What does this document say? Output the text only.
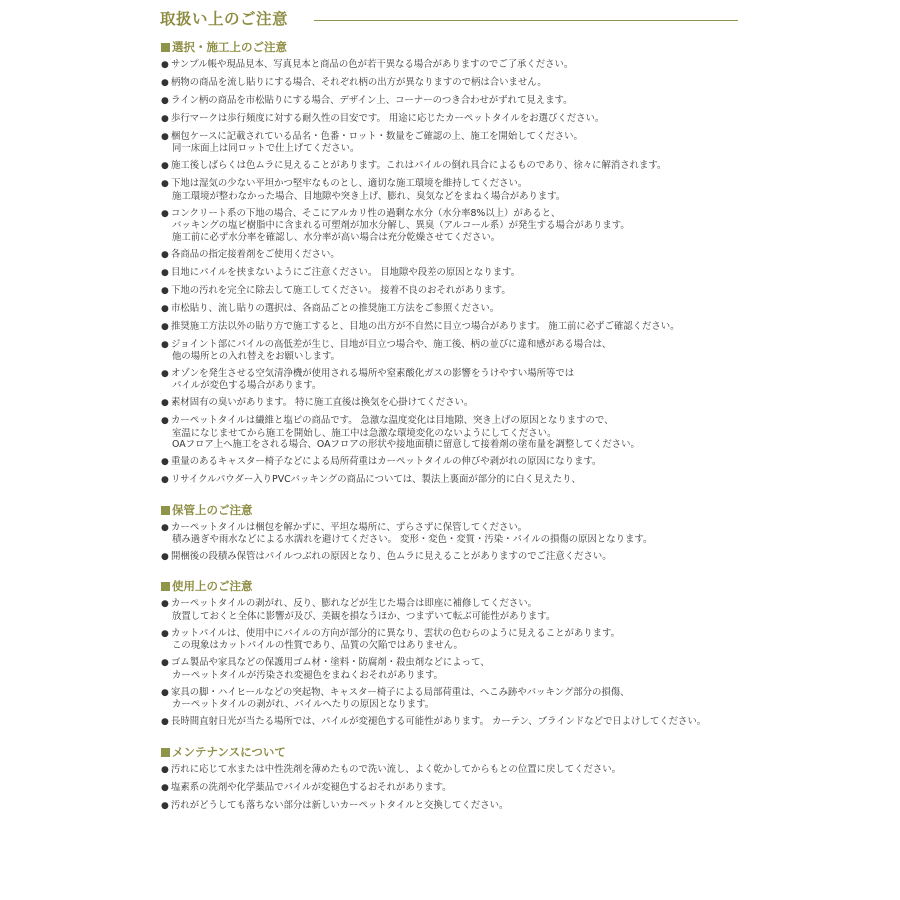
取扱い上のご注意
選択・施工上のご注意
● サンプル帳や現品見本、写真見本と商品の色が若干異なる場合がありますのでご了承ください。
● 柄物の商品を流し貼りにする場合、それぞれ柄の出方が異なりますので柄は合いません。
● ライン柄の商品を市松貼りにする場合、デザイン上、コーナーのつき合わせがずれて見えます。
● 歩行マークは歩行頻度に対する耐久性の目安です。 用途に応じたカーペットタイルをお選びください。
● 梱包ケースに記載されている品名・色番・ロット・数量をご確認の上、施工を開始してください。
同一床面上は同ロットで仕上げてください。
● 施工後しばらくは色ムラに見えることがあります。これはパイルの倒れ具合によるものであり、徐々に解消されます。
● 下地は湿気の少ない平坦かつ堅牢なものとし、適切な施工環境を維持してください。
施工環境が整わなかった場合、目地隙や突き上げ、膨れ、臭気などをまねく場合があります。
● コンクリート系の下地の場合、そこにアルカリ性の過剰な水分（水分率8%以上）があると、
バッキングの塩ビ樹脂中に含まれる可塑剤が加水分解し、異臭（アルコール系）が発生する場合があります。
施工前に必ず水分率を確認し、水分率が高い場合は充分乾燥させてください。
● 各商品の指定接着剤をご使用ください。
● 目地にパイルを挟まないようにご注意ください。 目地隙や段差の原因となります。
● 下地の汚れを完全に除去して施工してください。 接着不良のおそれがあります。
● 市松貼り、流し貼りの選択は、各商品ごとの推奨施工方法をご参照ください。
● 推奨施工方法以外の貼り方で施工すると、目地の出方が不自然に目立つ場合があります。 施工前に必ずご確認ください。
● ジョイント部にパイルの高低差が生じ、目地が目立つ場合や、施工後、柄の並びに違和感がある場合は、
他の場所との入れ替えをお願いします。
● オゾンを発生させる空気清浄機が使用される場所や窒素酸化ガスの影響をうけやすい場所等では
パイルが変色する場合があります。
● 素材固有の臭いがあります。 特に施工直後は換気を心掛けてください。
● カーペットタイルは繊維と塩ビの商品です。 急激な温度変化は目地隙、突き上げの原因となりますので、
室温になじませてから施工を開始し、施工中は急激な環境変化のないようにしてください。
OAフロア上へ施工をされる場合、OAフロアの形状や接地面積に留意して接着剤の塗布量を調整してください。
● 重量のあるキャスター椅子などによる局所荷重はカーペットタイルの伸びや剥がれの原因になります。
● リサイクルパウダー入りPVCバッキングの商品については、製法上裏面が部分的に白く見えたり、
保管上のご注意
● カーペットタイルは梱包を解かずに、平坦な場所に、ずらさずに保管してください。
積み過ぎや雨水などによる水濡れを避けてください。 変形・変色・変質・汚染・パイルの損傷の原因となります。
● 開梱後の段積み保管はパイルつぶれの原因となり、色ムラに見えることがありますのでご注意ください。
使用上のご注意
● カーペットタイルの剥がれ、反り、膨れなどが生じた場合は即座に補修してください。
放置しておくと全体に影響が及び、美観を損なうほか、つまずいて転ぶ可能性があります。
● カットパイルは、使用中にパイルの方向が部分的に異なり、雲状の色むらのように見えることがあります。
この現象はカットパイルの性質であり、品質の欠陥ではありません。
● ゴム製品や家具などの保護用ゴム材・塗料・防腐剤・殺虫剤などによって、
カーペットタイルが汚染され変褪色をまねくおそれがあります。
● 家具の脚・ハイヒールなどの突起物、キャスター椅子による局部荷重は、へこみ跡やバッキング部分の損傷、
カーペットタイルの剥がれ、パイルへたりの原因となります。
● 長時間直射日光が当たる場所では、パイルが変褪色する可能性があります。 カーテン、ブラインドなどで日よけしてください。
メンテナンスについて
● 汚れに応じて水または中性洗剤を薄めたもので洗い流し、よく乾かしてからもとの位置に戻してください。
● 塩素系の洗剤や化学薬品でパイルが変褪色するおそれがあります。
● 汚れがどうしても落ちない部分は新しいカーペットタイルと交換してください。
